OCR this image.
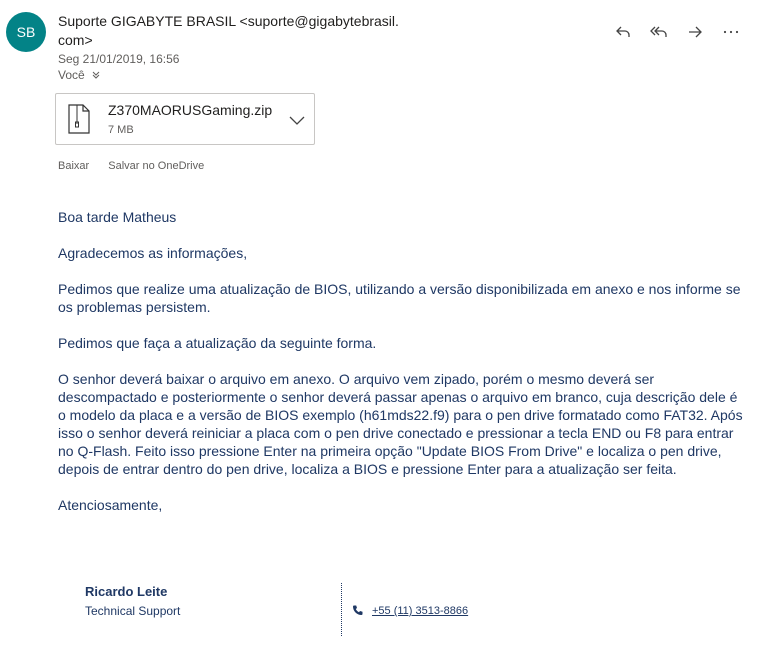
SB
Suporte GIGABYTE BRASIL <suporte@gigabytebrasil.com>
Seg 21/01/2019, 16:56
Você
Z370MAORUSGaming.zip
7 MB
Baixar Salvar no OneDrive

Boa tarde Matheus

Agradecemos as informações,

Pedimos que realize uma atualização de BIOS, utilizando a versão disponibilizada em anexo e nos informe se os problemas persistem.

Pedimos que faça a atualização da seguinte forma.

O senhor deverá baixar o arquivo em anexo. O arquivo vem zipado, porém o mesmo deverá ser descompactado e posteriormente o senhor deverá passar apenas o arquivo em branco, cuja descrição dele é o modelo da placa e a versão de BIOS exemplo (h61mds22.f9) para o pen drive formatado como FAT32. Após isso o senhor deverá reiniciar a placa com o pen drive conectado e pressionar a tecla END ou F8 para entrar no Q-Flash. Feito isso pressione Enter na primeira opção "Update BIOS From Drive" e localiza o pen drive, depois de entrar dentro do pen drive, localiza a BIOS e pressione Enter para a atualização ser feita.

Atenciosamente,

Ricardo Leite
Technical Support	+55 (11) 3513-8866
